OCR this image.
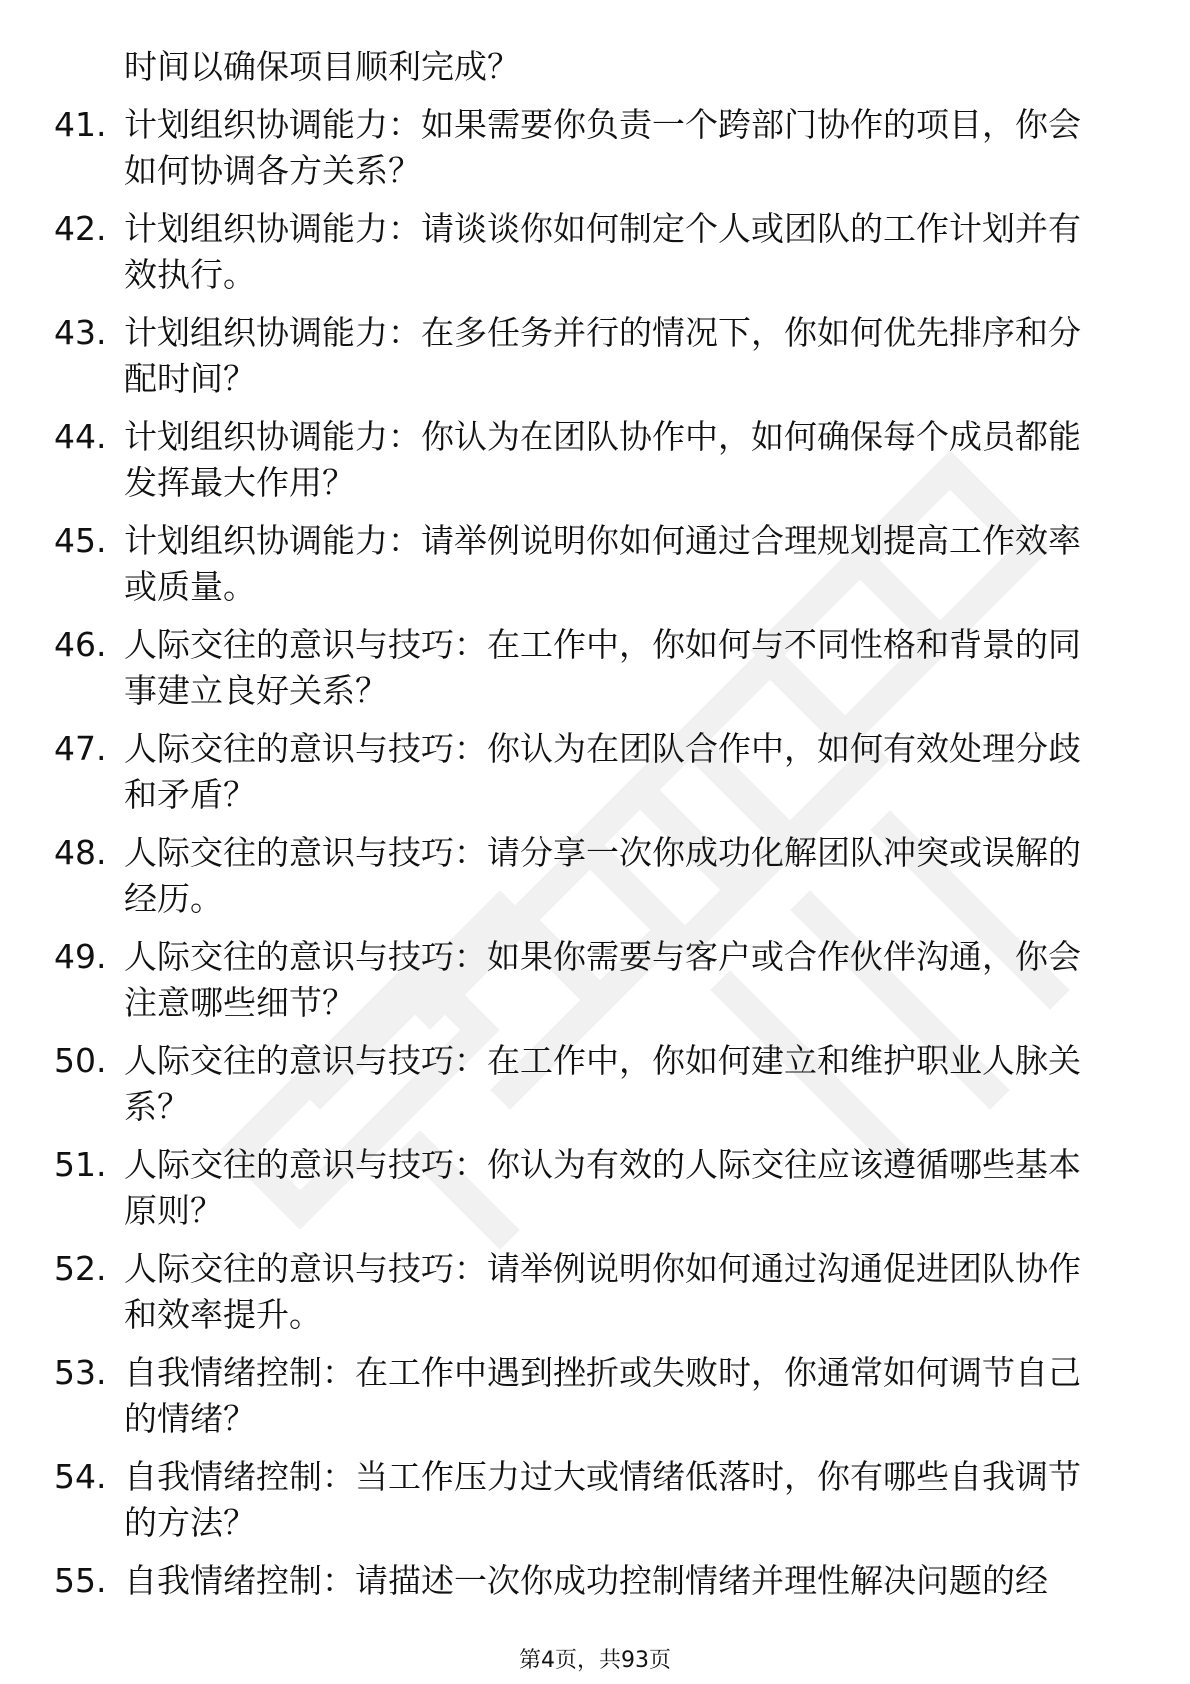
时间以确保项目顺利完成？
41. 计划组织协调能力：如果需要你负责一个跨部门协作的项目，你会如何协调各方关系？
42. 计划组织协调能力：请谈谈你如何制定个人或团队的工作计划并有效执行。
43. 计划组织协调能力：在多任务并行的情况下，你如何优先排序和分配时间？
44. 计划组织协调能力：你认为在团队协作中，如何确保每个成员都能发挥最大作用？
45. 计划组织协调能力：请举例说明你如何通过合理规划提高工作效率或质量。
46. 人际交往的意识与技巧：在工作中，你如何与不同性格和背景的同事建立良好关系？
47. 人际交往的意识与技巧：你认为在团队合作中，如何有效处理分歧和矛盾？
48. 人际交往的意识与技巧：请分享一次你成功化解团队冲突或误解的经历。
49. 人际交往的意识与技巧：如果你需要与客户或合作伙伴沟通，你会注意哪些细节？
50. 人际交往的意识与技巧：在工作中，你如何建立和维护职业人脉关系？
51. 人际交往的意识与技巧：你认为有效的人际交往应该遵循哪些基本原则？
52. 人际交往的意识与技巧：请举例说明你如何通过沟通促进团队协作和效率提升。
53. 自我情绪控制：在工作中遇到挫折或失败时，你通常如何调节自己的情绪？
54. 自我情绪控制：当工作压力过大或情绪低落时，你有哪些自我调节的方法？
55. 自我情绪控制：请描述一次你成功控制情绪并理性解决问题的经
第4页，共93页
